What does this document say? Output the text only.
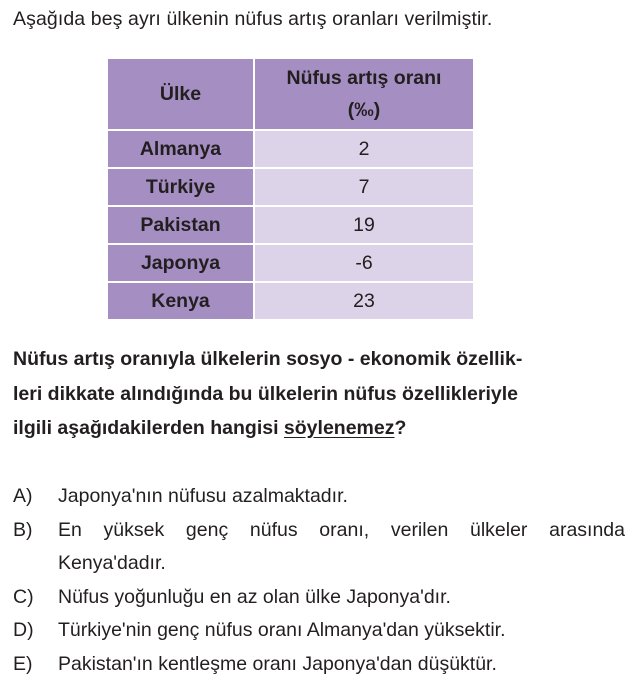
Aşağıda beş ayrı ülkenin nüfus artış oranları verilmiştir.
Ülke	Nüfus artış oranı
(‰)

Almanya	2
Türkiye	7
Pakistan	19
Japonya	-6
Kenya	23
Nüfus artış oranıyla ülkelerin sosyo - ekonomik özellik-
leri dikkate alındığında bu ülkelerin nüfus özellikleriyle
ilgili aşağıdakilerden hangisi söylenemez?
A)	Japonya'nın nüfusu azalmaktadır.
B)	En yüksek genç nüfus oranı, verilen ülkeler arasında
Kenya'dadır.
C)	Nüfus yoğunluğu en az olan ülke Japonya'dır.
D)	Türkiye'nin genç nüfus oranı Almanya'dan yüksektir.
E)	Pakistan'ın kentleşme oranı Japonya'dan düşüktür.
